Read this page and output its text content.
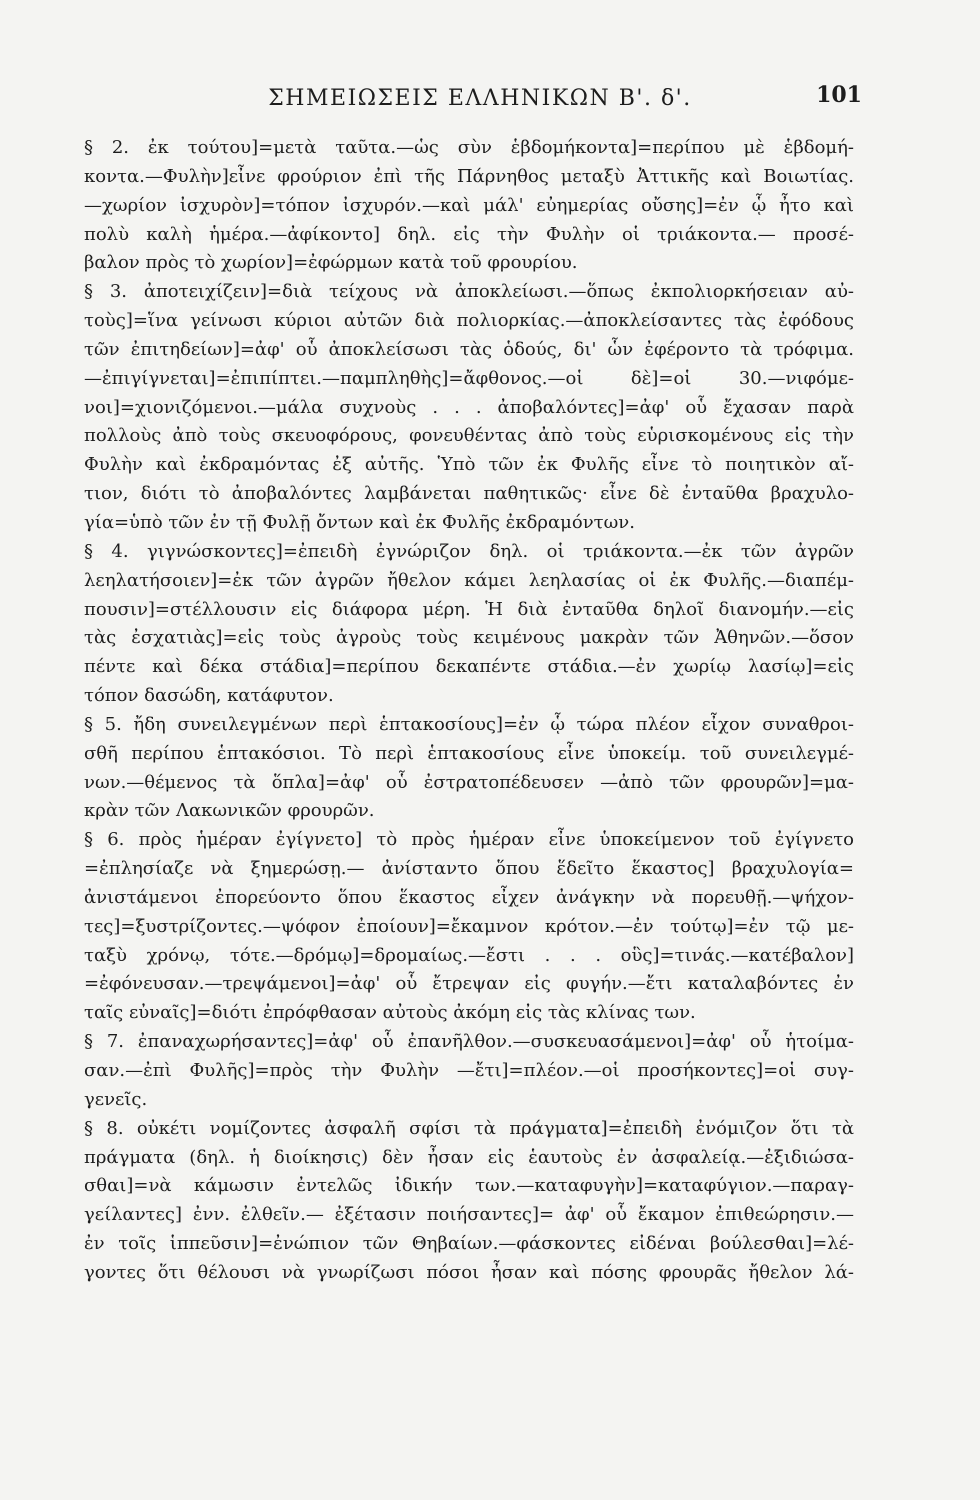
ΣΗΜΕΙΩΣΕΙΣ ΕΛΛΗΝΙΚΩΝ Β'. δ'.	101
§ 2. ἐκ τούτου]=μετὰ ταῦτα.—ὡς σὺν ἑβδομήκοντα]=περίπου μὲ ἑβδομή-
κοντα.—Φυλὴν]εἶνε φρούριον ἐπὶ τῆς Πάρνηθος μεταξὺ Ἀττικῆς καὶ Βοιωτίας.
—χωρίον ἰσχυρὸν]=τόπον ἰσχυρόν.—καὶ μάλ' εὐημερίας οὔσης]=ἐν ᾧ ἦτο καὶ
πολὺ καλὴ ἡμέρα.—ἀφίκοντο] δηλ. εἰς τὴν Φυλὴν οἱ τριάκοντα.— προσέ-
βαλον πρὸς τὸ χωρίον]=ἐφώρμων κατὰ τοῦ φρουρίου.
§ 3. ἀποτειχίζειν]=διὰ τείχους νὰ ἀποκλείωσι.—ὅπως ἐκπολιορκήσειαν αὐ-
τοὺς]=ἵνα γείνωσι κύριοι αὐτῶν διὰ πολιορκίας.—ἀποκλείσαντες τὰς ἐφόδους
τῶν ἐπιτηδείων]=ἀφ' οὗ ἀποκλείσωσι τὰς ὁδούς, δι' ὧν ἐφέροντο τὰ τρόφιμα.
—ἐπιγίγνεται]=ἐπιπίπτει.—παμπληθὴς]=ἄφθονος.—οἱ δὲ]=οἱ 30.—νιφόμε-
νοι]=χιονιζόμενοι.—μάλα συχνοὺς . . . ἀποβαλόντες]=ἀφ' οὗ ἔχασαν παρὰ
πολλοὺς ἀπὸ τοὺς σκευοφόρους, φονευθέντας ἀπὸ τοὺς εὑρισκομένους εἰς τὴν
Φυλὴν καὶ ἐκδραμόντας ἐξ αὐτῆς. Ὑπὸ τῶν ἐκ Φυλῆς εἶνε τὸ ποιητικὸν αἴ-
τιον, διότι τὸ ἀποβαλόντες λαμβάνεται παθητικῶς· εἶνε δὲ ἐνταῦθα βραχυλο-
γία=ὑπὸ τῶν ἐν τῇ Φυλῇ ὄντων καὶ ἐκ Φυλῆς ἐκδραμόντων.
§ 4. γιγνώσκοντες]=ἐπειδὴ ἐγνώριζον δηλ. οἱ τριάκοντα.—ἐκ τῶν ἀγρῶν
λεηλατήσοιεν]=ἐκ τῶν ἀγρῶν ἤθελον κάμει λεηλασίας οἱ ἐκ Φυλῆς.—διαπέμ-
πουσιν]=στέλλουσιν εἰς διάφορα μέρη. Ἡ διὰ ἐνταῦθα δηλοῖ διανομήν.—εἰς
τὰς ἐσχατιὰς]=εἰς τοὺς ἀγροὺς τοὺς κειμένους μακρὰν τῶν Ἀθηνῶν.—ὅσον
πέντε καὶ δέκα στάδια]=περίπου δεκαπέντε στάδια.—ἐν χωρίῳ λασίῳ]=εἰς
τόπον δασώδη, κατάφυτον.
§ 5. ἤδη συνειλεγμένων περὶ ἑπτακοσίους]=ἐν ᾧ τώρα πλέον εἶχον συναθροι-
σθῆ περίπου ἑπτακόσιοι. Τὸ περὶ ἑπτακοσίους εἶνε ὑποκείμ. τοῦ συνειλεγμέ-
νων.—θέμενος τὰ ὅπλα]=ἀφ' οὗ ἐστρατοπέδευσεν —ἀπὸ τῶν φρουρῶν]=μα-
κρὰν τῶν Λακωνικῶν φρουρῶν.
§ 6. πρὸς ἡμέραν ἐγίγνετο] τὸ πρὸς ἡμέραν εἶνε ὑποκείμενον τοῦ ἐγίγνετο
=ἐπλησίαζε νὰ ξημερώσῃ.— ἀνίσταντο ὅπου ἕδεῖτο ἕκαστος] βραχυλογία=
ἀνιστάμενοι ἐπορεύοντο ὅπου ἕκαστος εἶχεν ἀνάγκην νὰ πορευθῇ.—ψήχον-
τες]=ξυστρίζοντες.—ψόφον ἐποίουν]=ἔκαμνον κρότον.—ἐν τούτῳ]=ἐν τῷ με-
ταξὺ χρόνῳ, τότε.—δρόμῳ]=δρομαίως.—ἔστι . . . οὓς]=τινάς.—κατέβαλον]
=ἐφόνευσαν.—τρεψάμενοι]=ἀφ' οὗ ἔτρεψαν εἰς φυγήν.—ἔτι καταλαβόντες ἐν
ταῖς εὐναῖς]=διότι ἐπρόφθασαν αὐτοὺς ἀκόμη εἰς τὰς κλίνας των.
§ 7. ἐπαναχωρήσαντες]=ἀφ' οὗ ἐπανῆλθον.—συσκευασάμενοι]=ἀφ' οὗ ἡτοίμα-
σαν.—ἐπὶ Φυλῆς]=πρὸς τὴν Φυλὴν —ἔτι]=πλέον.—οἱ προσήκοντες]=οἱ συγ-
γενεῖς.
§ 8. οὐκέτι νομίζοντες ἀσφαλῆ σφίσι τὰ πράγματα]=ἐπειδὴ ἐνόμιζον ὅτι τὰ
πράγματα (δηλ. ἡ διοίκησις) δὲν ἦσαν εἰς ἑαυτοὺς ἐν ἀσφαλείᾳ.—ἐξιδιώσα-
σθαι]=νὰ κάμωσιν ἐντελῶς ἰδικήν των.—καταφυγὴν]=καταφύγιον.—παραγ-
γείλαντες] ἐνν. ἐλθεῖν.— ἐξέτασιν ποιήσαντες]= ἀφ' οὗ ἔκαμον ἐπιθεώρησιν.—
ἐν τοῖς ἱππεῦσιν]=ἐνώπιον τῶν Θηβαίων.—φάσκοντες εἰδέναι βούλεσθαι]=λέ-
γοντες ὅτι θέλουσι νὰ γνωρίζωσι πόσοι ἦσαν καὶ πόσης φρουρᾶς ἤθελον λά-
